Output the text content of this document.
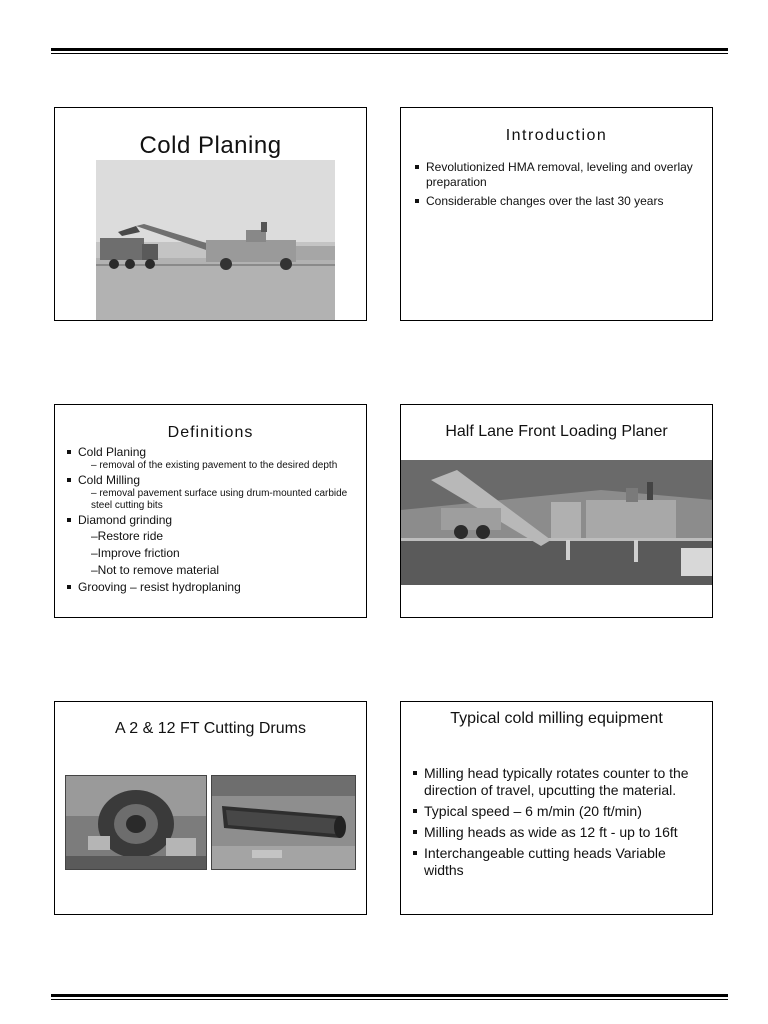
Cold Planing	Introduction
Revolutionized HMA removal, leveling and overlay preparation
Considerable changes over the last 30 years
Definitions
Cold Planing
– removal of the existing pavement to the desired depth
Cold Milling
– removal pavement surface using drum-mounted carbide steel cutting bits
Diamond grinding
–Restore ride
–Improve friction
–Not to remove material
Grooving – resist hydroplaning
Half Lane Front Loading Planer
A 2 & 12 FT Cutting Drums
Typical cold milling equipment
Milling head typically rotates counter to the direction of travel, upcutting the material.
Typical speed – 6 m/min (20 ft/min)
Milling heads as wide as 12 ft - up to 16ft
Interchangeable cutting heads Variable widths
